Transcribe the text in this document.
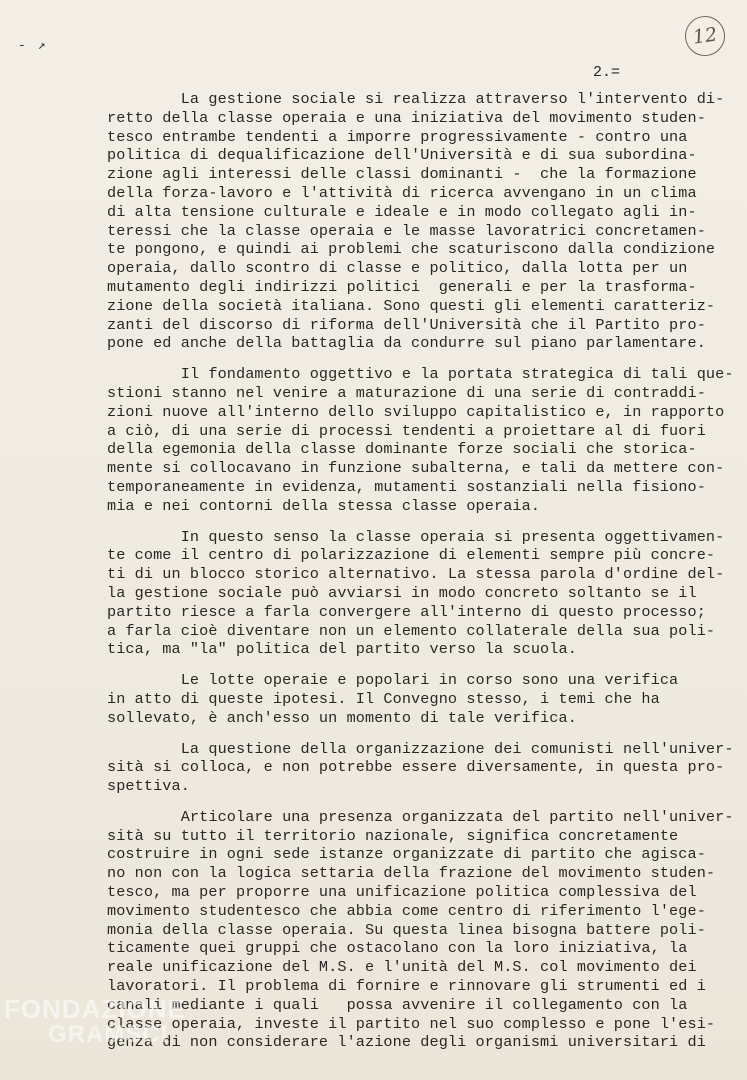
‑ ↗	12
2.=
La gestione sociale si realizza attraverso l'intervento di-
retto della classe operaia e una iniziativa del movimento studen-
tesco entrambe tendenti a imporre progressivamente - contro una
politica di dequalificazione dell'Università e di sua subordina-
zione agli interessi delle classi dominanti -  che la formazione
della forza-lavoro e l'attività di ricerca avvengano in un clima
di alta tensione culturale e ideale e in modo collegato agli in-
teressi che la classe operaia e le masse lavoratrici concretamen-
te pongono, e quindi ai problemi che scaturiscono dalla condizione
operaia, dallo scontro di classe e politico, dalla lotta per un
mutamento degli indirizzi politici  generali e per la trasforma-
zione della società italiana. Sono questi gli elementi caratteriz-
zanti del discorso di riforma dell'Università che il Partito pro-
pone ed anche della battaglia da condurre sul piano parlamentare.
Il fondamento oggettivo e la portata strategica di tali que-
stioni stanno nel venire a maturazione di una serie di contraddi-
zioni nuove all'interno dello sviluppo capitalistico e, in rapporto
a ciò, di una serie di processi tendenti a proiettare al di fuori
della egemonia della classe dominante forze sociali che storica-
mente si collocavano in funzione subalterna, e tali da mettere con-
temporaneamente in evidenza, mutamenti sostanziali nella fisiono-
mia e nei contorni della stessa classe operaia.
In questo senso la classe operaia si presenta oggettivamen-
te come il centro di polarizzazione di elementi sempre più concre-
ti di un blocco storico alternativo. La stessa parola d'ordine del-
la gestione sociale può avviarsi in modo concreto soltanto se il
partito riesce a farla convergere all'interno di questo processo;
a farla cioè diventare non un elemento collaterale della sua poli-
tica, ma "la" politica del partito verso la scuola.
Le lotte operaie e popolari in corso sono una verifica
in atto di queste ipotesi. Il Convegno stesso, i temi che ha
sollevato, è anch'esso un momento di tale verifica.
La questione della organizzazione dei comunisti nell'univer-
sità si colloca, e non potrebbe essere diversamente, in questa pro-
spettiva.
Articolare una presenza organizzata del partito nell'univer-
sità su tutto il territorio nazionale, significa concretamente
costruire in ogni sede istanze organizzate di partito che agisca-
no non con la logica settaria della frazione del movimento studen-
tesco, ma per proporre una unificazione politica complessiva del
movimento studentesco che abbia come centro di riferimento l'ege-
monia della classe operaia. Su questa linea bisogna battere poli-
ticamente quei gruppi che ostacolano con la loro iniziativa, la
reale unificazione del M.S. e l'unità del M.S. col movimento dei
lavoratori. Il problema di fornire e rinnovare gli strumenti ed i
canali mediante i quali   possa avvenire il collegamento con la
classe operaia, investe il partito nel suo complesso e pone l'esi-
genza di non considerare l'azione degli organismi universitari di
FONDAZIONE
GRAMSCI
